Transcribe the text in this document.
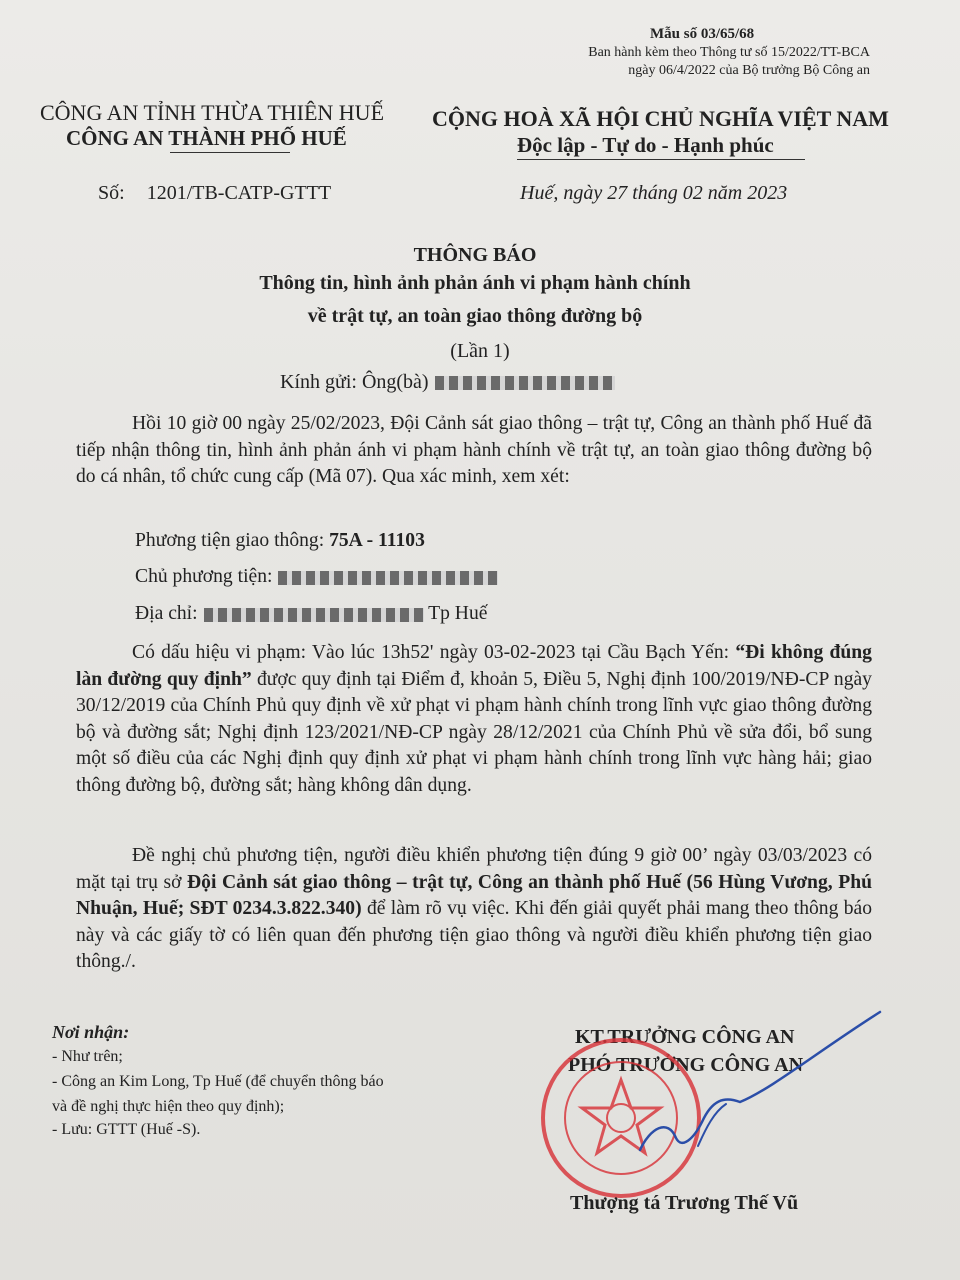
Mẫu số 03/65/68
Ban hành kèm theo Thông tư số 15/2022/TT-BCA
ngày 06/4/2022 của Bộ trưởng Bộ Công an
CÔNG AN TỈNH THỪA THIÊN HUẾ
CÔNG AN THÀNH PHỐ HUẾ
CỘNG HOÀ XÃ HỘI CHỦ NGHĨA VIỆT NAM
Độc lập - Tự do - Hạnh phúc
Số: 1201/TB-CATP-GTTT	Huế, ngày 27 tháng 02 năm 2023
THÔNG BÁO
Thông tin, hình ảnh phản ánh vi phạm hành chính
về trật tự, an toàn giao thông đường bộ
(Lần 1)
Kính gửi: Ông(bà)
Hồi 10 giờ 00 ngày 25/02/2023, Đội Cảnh sát giao thông – trật tự, Công an thành phố Huế đã tiếp nhận thông tin, hình ảnh phản ánh vi phạm hành chính về trật tự, an toàn giao thông đường bộ do cá nhân, tổ chức cung cấp (Mã 07). Qua xác minh, xem xét:
Phương tiện giao thông: 75A - 11103
Chủ phương tiện:
Địa chỉ:	Tp Huế
Có dấu hiệu vi phạm: Vào lúc 13h52' ngày 03-02-2023 tại Cầu Bạch Yến: “Đi không đúng làn đường quy định” được quy định tại Điểm đ, khoản 5, Điều 5, Nghị định 100/2019/NĐ-CP ngày 30/12/2019 của Chính Phủ quy định về xử phạt vi phạm hành chính trong lĩnh vực giao thông đường bộ và đường sắt; Nghị định 123/2021/NĐ-CP ngày 28/12/2021 của Chính Phủ về sửa đổi, bổ sung một số điều của các Nghị định quy định xử phạt vi phạm hành chính trong lĩnh vực hàng hải; giao thông đường bộ, đường sắt; hàng không dân dụng.
Đề nghị chủ phương tiện, người điều khiển phương tiện đúng 9 giờ 00’ ngày 03/03/2023 có mặt tại trụ sở Đội Cảnh sát giao thông – trật tự, Công an thành phố Huế (56 Hùng Vương, Phú Nhuận, Huế; SĐT 0234.3.822.340) để làm rõ vụ việc. Khi đến giải quyết phải mang theo thông báo này và các giấy tờ có liên quan đến phương tiện giao thông và người điều khiển phương tiện giao thông./.
Nơi nhận:
- Như trên;
- Công an Kim Long, Tp Huế (để chuyển thông báo
và đề nghị thực hiện theo quy định);
- Lưu: GTTT (Huế -S).
KT.TRƯỞNG CÔNG AN
PHÓ TRƯỞNG CÔNG AN
Thượng tá Trương Thế Vũ
